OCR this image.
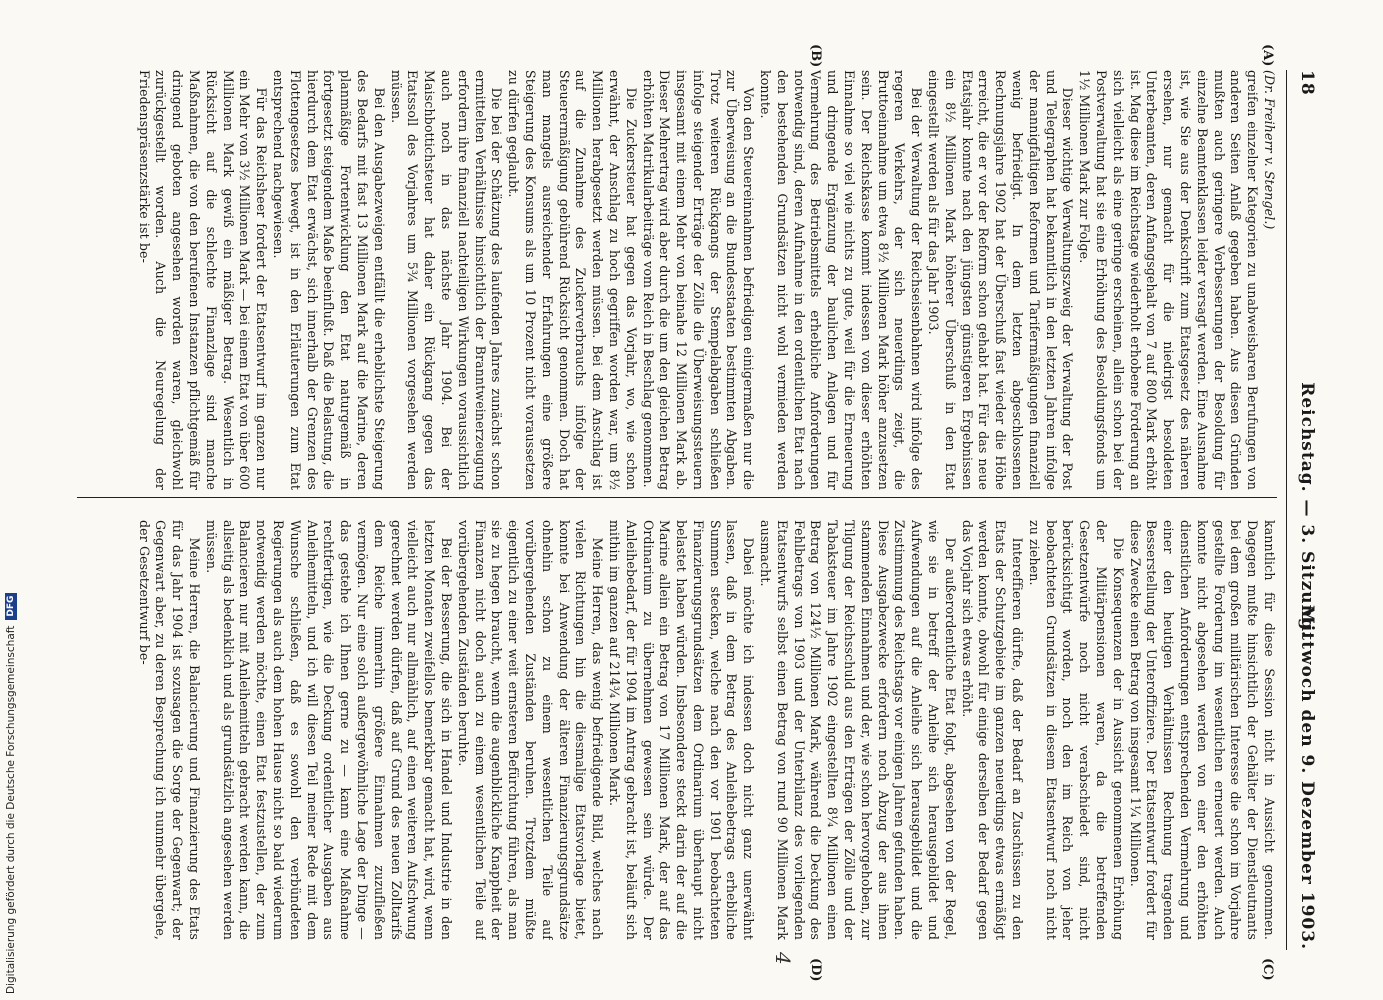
18
Reichstag. — 3. Sitzung.
Mittwoch den 9. Dezember 1903.
(A)
(B)
(C)
(D)
4

(Dr. Freiherr v. Stengel.)

greifen einzelner Kategorien zu unabweisbaren Berufungen von anderen Seiten Anlaß gegeben haben. Aus diesen Gründen mußten auch geringere Verbesserungen der Besoldung für einzelne Beamtenklassen leider versagt werden. Eine Ausnahme ist, wie Sie aus der Denkschrift zum Etatsgesetz des näheren ersehen, nur gemacht für die niedrigst besoldeten Unterbeamten, deren Anfangsgehalt von 7 auf 800 Mark erhöht ist. Mag diese im Reichstage wiederholt erhobene Forderung an sich vielleicht als eine geringe erscheinen, allein schon bei der Postverwaltung hat sie eine Erhöhung des Besoldungsfonds um 1½ Millionen Mark zur Folge.

Dieser wichtige Verwaltungszweig der Verwaltung der Post und Telegraphen hat bekanntlich in den letzten Jahren infolge der mannigfaltigen Reformen und Tarifermäßigungen finanziell wenig befriedigt. In dem letzten abgeschlossenen Rechnungsjahre 1902 hat der Überschuß fast wieder die Höhe erreicht, die er vor der Reform schon gehabt hat. Für das neue Etatsjahr konnte nach den jüngsten günstigeren Ergebnissen ein 8½ Millionen Mark höherer Überschuß in den Etat eingestellt werden als für das Jahr 1903.

Bei der Verwaltung der Reichseisenbahnen wird infolge des regeren Verkehrs, der sich neuerdings zeigt, die Bruttoeinnahme um etwa 8½ Millionen Mark höher anzusetzen sein. Der Reichskasse kommt indessen von dieser erhöhten Einnahme so viel wie nichts zu gute, weil für die Erneuerung und dringende Ergänzung der baulichen Anlagen und für Vermehrung des Betriebsmittels erhebliche Anforderungen notwendig sind, deren Aufnahme in den ordentlichen Etat nach den bestehenden Grundsätzen nicht wohl vermieden werden konnte.

Von den Steuereinnahmen befriedigen einigermaßen nur die zur Überweisung an die Bundesstaaten bestimmten Abgaben. Trotz weiteren Rückgangs der Stempelabgaben schließen infolge steigender Erträge der Zölle die Überweisungssteuern insgesamt mit einem Mehr von beinahe 12 Millionen Mark ab. Dieser Mehrertrag wird aber durch die um den gleichen Betrag erhöhten Matrikularbeiträge vom Reich in Beschlag genommen.

Die Zuckersteuer hat gegen das Vorjahr, wo, wie schon erwähnt, der Anschlag zu hoch gegriffen worden war, um 8½ Millionen herabgesetzt werden müssen. Bei dem Anschlag ist auf die Zunahme des Zuckerverbrauchs infolge der Steuerermäßigung gebührend Rücksicht genommen. Doch hat man mangels ausreichender Erfahrungen eine größere Steigerung des Konsums als um 10 Prozent nicht voraussetzen zu dürfen geglaubt.

Die bei der Schätzung des laufenden Jahres zunächst schon ermittelten Verhältnisse hinsichtlich der Branntweinerzeugung erfordern ihre finanziell nachteiligen Wirkungen voraussichtlich auch noch in das nächste Jahr 1904. Bei der Maischbottichsteuer hat daher ein Rückgang gegen das Etatssoll des Vorjahres um 5¾ Millionen vorgesehen werden müssen.

Bei den Ausgabezweigen entfällt die erheblichste Steigerung des Bedarfs mit fast 13 Millionen Mark auf die Marine, deren planmäßige Fortentwicklung den Etat naturgemäß in fortgesetzt steigendem Maße beeinflußt. Daß die Belastung, die hierdurch dem Etat erwächst, sich innerhalb der Grenzen des Flottengesetzes bewegt, ist in den Erläuterungen zum Etat entsprechend nachgewiesen.

Für das Reichsheer fordert der Etatsentwurf im ganzen nur ein Mehr von 3½ Millionen Mark — bei einem Etat von über 600 Millionen Mark gewiß ein mäßiger Betrag. Wesentlich in Rücksicht auf die schlechte Finanzlage sind manche Maßnahmen, die von den berufenen Instanzen pflichtgemäß für dringend geboten angesehen worden waren, gleichwohl zurückgestellt worden. Auch die Neuregelung der Friedenspräsenzstärke ist be-

kanntlich für diese Session nicht in Aussicht genommen. Dagegen mußte hinsichtlich der Gehälter der Dienstleutnants bei dem großen militärischen Interesse die schon im Vorjahre gestellte Forderung im wesentlichen erneuert werden. Auch konnte nicht abgesehen werden von einer den erhöhten dienstlichen Anforderungen entsprechenden Vermehrung und einer den heutigen Verhältnissen Rechnung tragenden Besserstellung der Unteroffiziere. Der Etatsentwurf fordert für diese Zwecke einen Betrag von insgesamt 1¼ Millionen.

Die Konsequenzen der in Aussicht genommenen Erhöhung der Militärpensionen waren, da die betreffenden Gesetzentwürfe noch nicht verabschiedet sind, nicht berücksichtigt worden, noch den im Reich von jeher beobachteten Grundsätzen in diesem Etatsentwurf noch nicht zu ziehen.

Intereffieren dürfte, daß der Bedarf an Zuschüssen zu den Etats der Schutzgebiete im ganzen neuerdings etwas ermäßigt werden konnte, obwohl für einige derselben der Bedarf gegen das Vorjahr sich etwas erhöht.

Der außerordentliche Etat folgt, abgesehen von der Regel, wie sie in betreff der Anleihe sich herausgebildet und Aufwendungen auf die Anleihe sich herausgebildet und die Zustimmung des Reichstags vor einigen Jahren gefunden haben. Diese Ausgabezwecke erfordern noch Abzug der aus ihnen stammenden Einnahmen und der, wie schon hervorgehoben, zur Tilgung der Reichsschuld aus den Erträgen der Zölle und der Tabaksteuer im Jahre 1902 eingestellten 8¼ Millionen einen Betrag von 124½ Millionen Mark, während die Deckung des Fehlbetrags von 1903 und der Unterbilanz des vorliegenden Etatsentwurfs selbst einen Betrag von rund 90 Millionen Mark ausmacht.

Dabei möchte ich indessen doch nicht ganz unerwähnt lassen, daß in dem Betrag des Anleihebetrags erhebliche Summen stecken, welche nach den vor 1901 beobachteten Finanzierungsgrundsätzen dem Ordinarium überhaupt nicht belastet haben würden. Insbesondere steckt darin der auf die Marine allein ein Betrag von 17 Millionen Mark, der auf das Ordinarium zu übernehmen gewesen sein würde. Der Anleihebedarf, der für 1904 im Antrag gebracht ist, beläuft sich mithin im ganzen auf 214¾ Millionen Mark.

Meine Herren, das wenig befriedigende Bild, welches nach vielen Richtungen hin die diesmalige Etatsvorlage bietet, konnte bei Anwendung der älteren Finanzierungsgrundsätze ohnehin schon zu einem wesentlichen Teile auf vorübergehenden Zuständen beruhen. Trotzdem müßte eigentlich zu einer weit ernsteren Befürchtung führen, als man sie zu hegen braucht, wenn die augenblickliche Knappheit der Finanzen nicht doch auch zu einem wesentlichen Teile auf vorübergehenden Zuständen beruhte.

Bei der Besserung, die sich in Handel und Industrie in den letzten Monaten zweifellos bemerkbar gemacht hat, wird, wenn vielleicht auch nur allmählich, auf einen weiteren Aufschwung gerechnet werden dürfen, daß auf Grund des neuen Zolltarifs dem Reiche immerhin größere Einnahmen zuzufließen vermögen. Nur eine solch außergewöhnliche Lage der Dinge — das gestehe ich Ihnen gerne zu — kann eine Maßnahme rechtfertigen, wie die Deckung ordentlicher Ausgaben aus Anleihemitteln, und ich will diesen Teil meiner Rede mit dem Wunsche schließen, daß es sowohl den verbündeten Regierungen als auch dem hohen Hause nicht so bald wiederum notwendig werden möchte, einen Etat festzustellen, der zum Balancieren nur mit Anleihemitteln gebracht werden kann, die allseitig als bedenklich und als grundsätzlich angesehen werden müssen.

Meine Herren, die Balancierung und Finanzierung des Etats für das Jahr 1904 ist sozusagen die Sorge der Gegenwart; der Gegenwart aber, zu deren Besprechung ich nunmehr übergehe, der Gesetzentwurf be-

Digitalisierung gefördert durch die Deutsche Forschungsgemeinschaft
DFG
